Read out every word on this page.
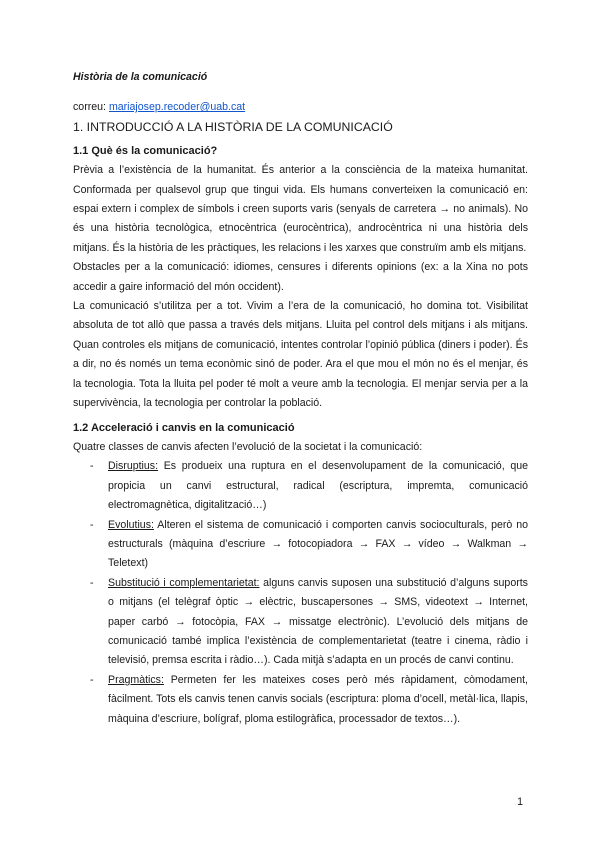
Història de la comunicació
correu: mariajosep.recoder@uab.cat
1. INTRODUCCIÓ A LA HISTÒRIA DE LA COMUNICACIÓ
1.1 Què és la comunicació?

Prèvia a l’existència de la humanitat. És anterior a la consciència de la mateixa humanitat. Conformada per qualsevol grup que tingui vida. Els humans converteixen la comunicació en: espai extern i complex de símbols i creen suports varis (senyals de carretera → no animals). No és una història tecnològica, etnocèntrica (eurocèntrica), androcèntrica ni una història dels mitjans. És la història de les pràctiques, les relacions i les xarxes que construïm amb els mitjans.

Obstacles per a la comunicació: idiomes, censures i diferents opinions (ex: a la Xina no pots accedir a gaire informació del món occident).

La comunicació s’utilitza per a tot. Vivim a l’era de la comunicació, ho domina tot. Visibilitat absoluta de tot allò que passa a través dels mitjans. Lluita pel control dels mitjans i als mitjans. Quan controles els mitjans de comunicació, intentes controlar l’opinió pública (diners i poder). És a dir, no és només un tema econòmic sinó de poder. Ara el que mou el món no és el menjar, és la tecnologia. Tota la lluita pel poder té molt a veure amb la tecnologia. El menjar servia per a la supervivència, la tecnologia per controlar la població.

1.2 Acceleració i canvis en la comunicació

Quatre classes de canvis afecten l’evolució de la societat i la comunicació:

- Disruptius: Es produeix una ruptura en el desenvolupament de la comunicació, que propicia un canvi estructural, radical (escriptura, impremta, comunicació electromagnètica, digitalització…)
- Evolutius: Alteren el sistema de comunicació i comporten canvis socioculturals, però no estructurals (màquina d’escriure → fotocopiadora → FAX → vídeo → Walkman → Teletext)
- Substitució i complementarietat: alguns canvis suposen una substitució d’alguns suports o mitjans (el telègraf òptic → elèctric, buscapersones → SMS, videotext → Internet, paper carbó → fotocòpia, FAX → missatge electrònic). L’evolució dels mitjans de comunicació també implica l’existència de complementarietat (teatre i cinema, ràdio i televisió, premsa escrita i ràdio…). Cada mitjà s’adapta en un procés de canvi continu.
- Pragmàtics: Permeten fer les mateixes coses però més ràpidament, còmodament, fàcilment. Tots els canvis tenen canvis socials (escriptura: ploma d’ocell, metàl·lica, llapis, màquina d’escriure, bolígraf, ploma estilogràfica, processador de textos…).
1
